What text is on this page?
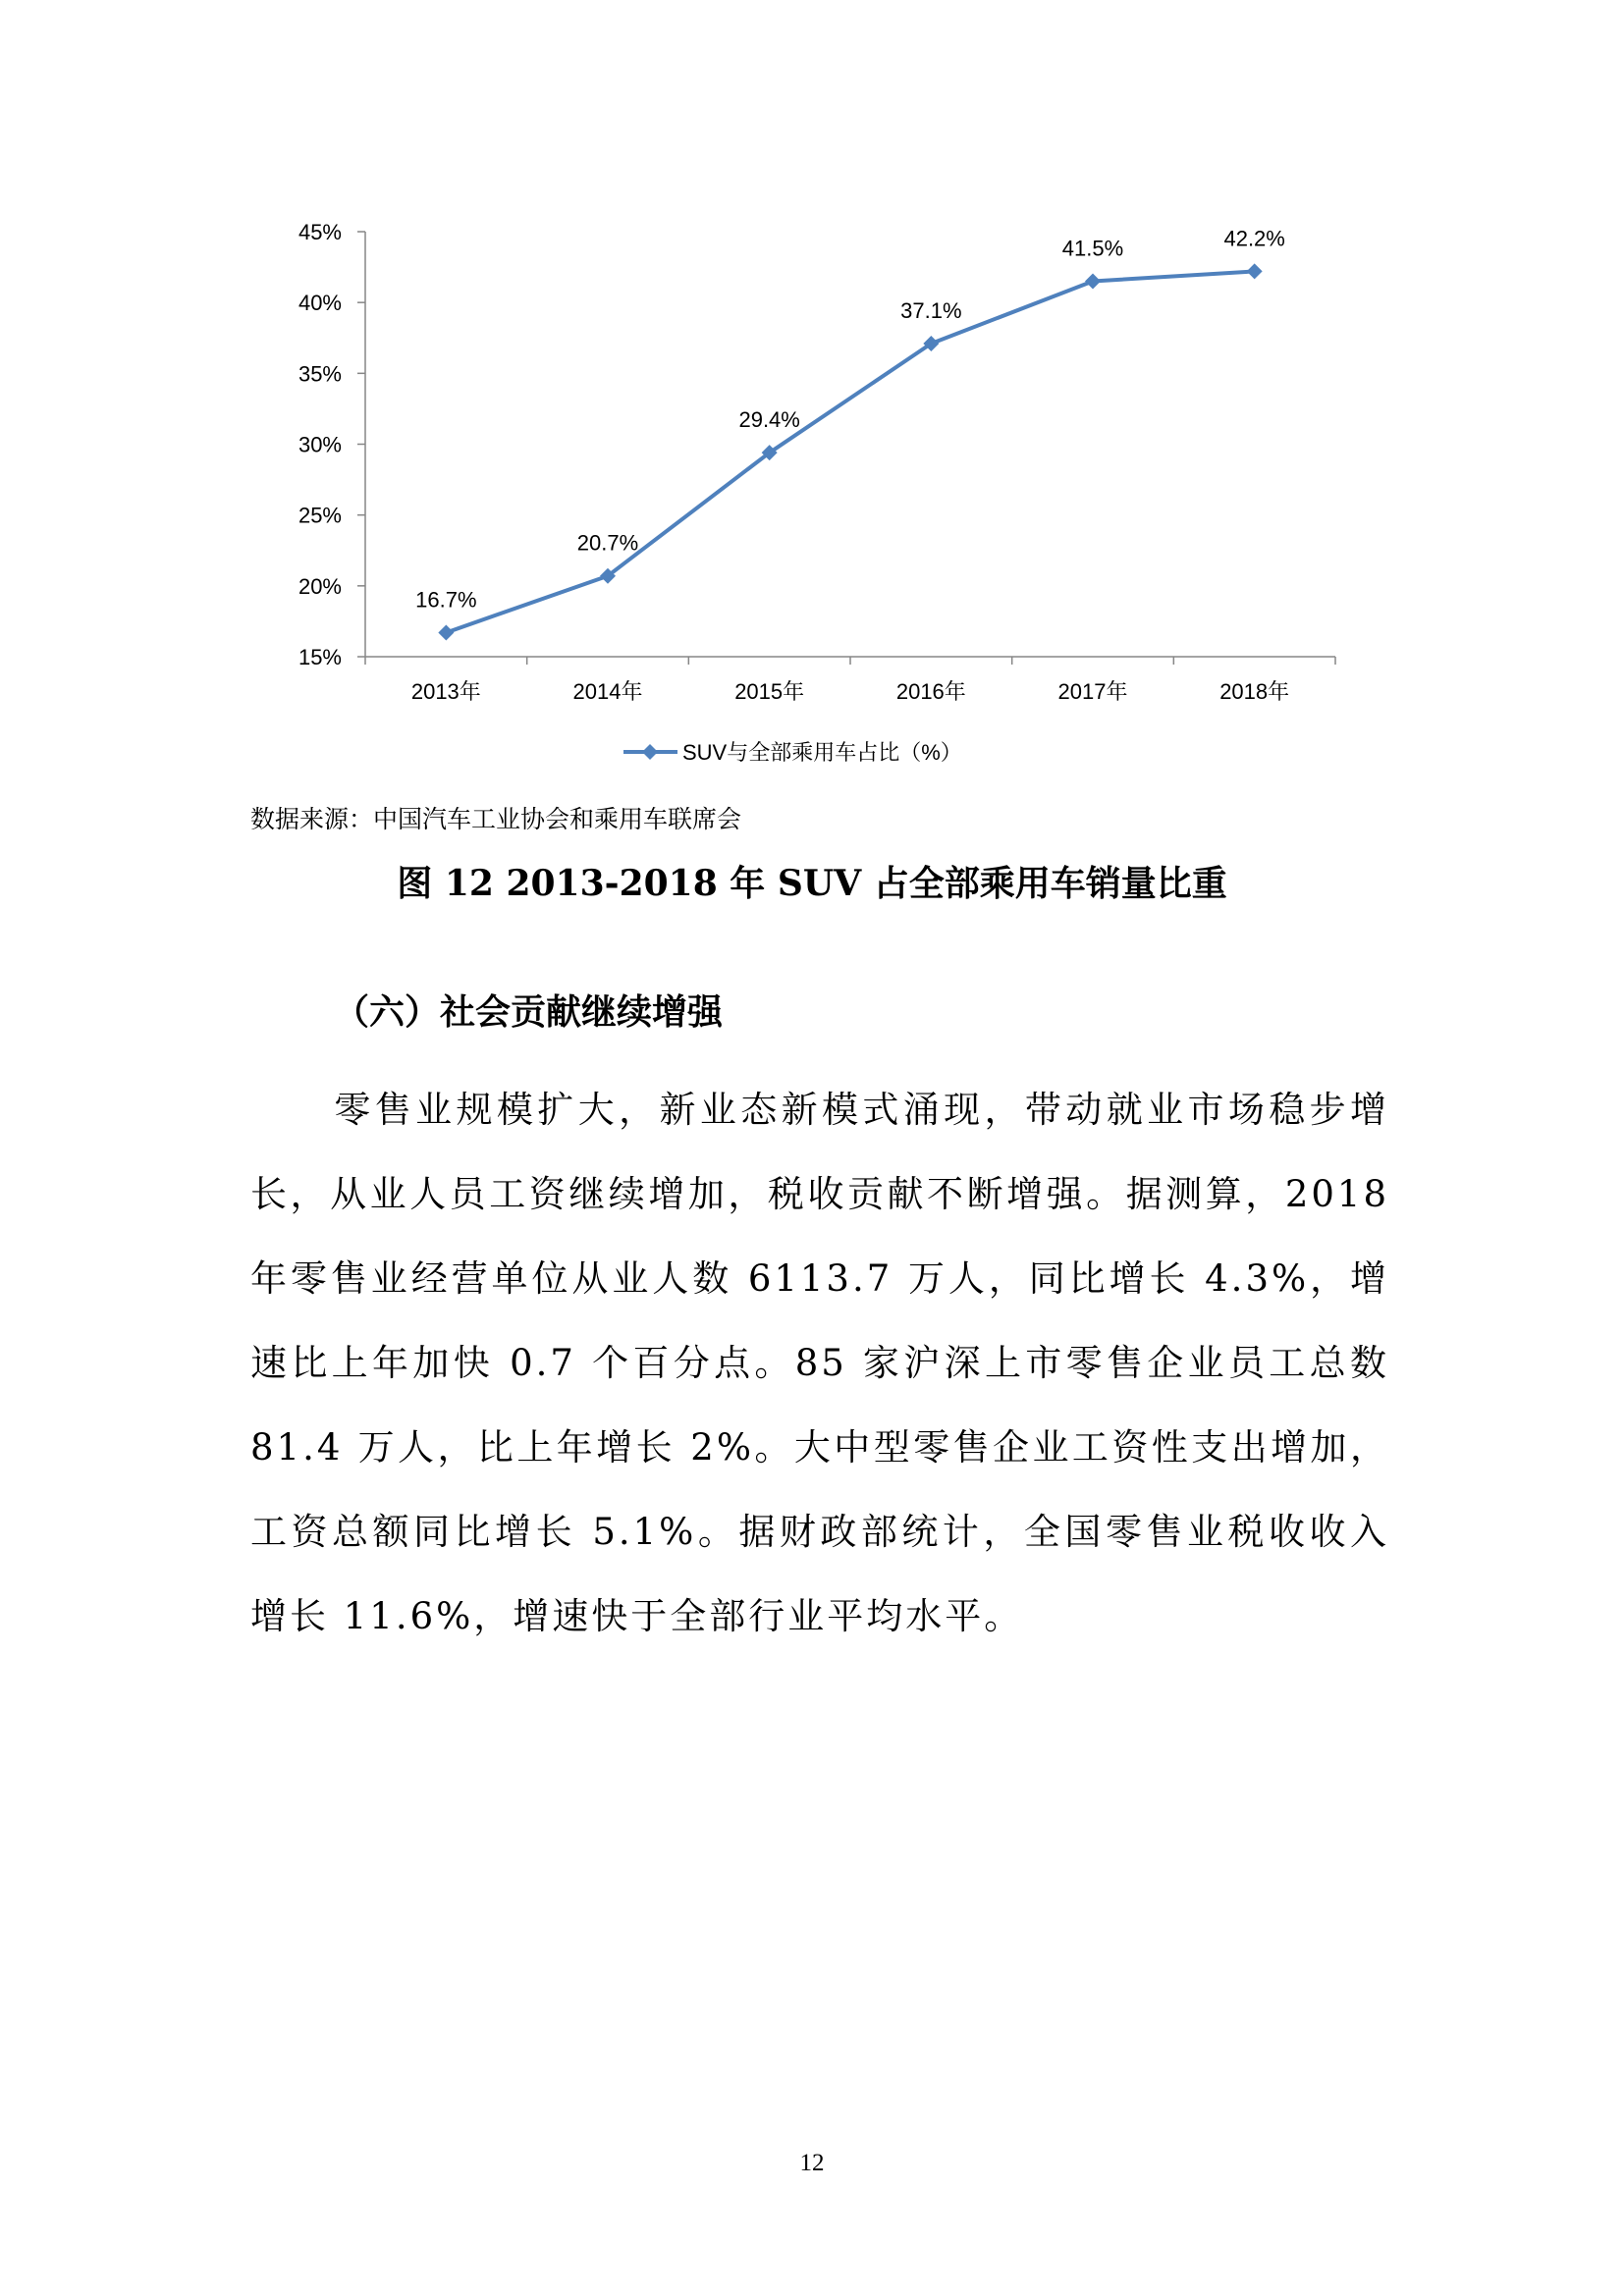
15%
20%
25%
30%
35%
40%
45%
2013年	2014年	2015年	2016年	2017年	2018年
16.7%
20.7%
29.4%
37.1%
41.5%	42.2%
SUV与全部乘用车占比（%）
数据来源：中国汽车工业协会和乘用车联席会
图 12 2013-2018 年 SUV 占全部乘用车销量比重
（六）社会贡献继续增强

零售业规模扩大，新业态新模式涌现，带动就业市场稳步增长，从业人员工资继续增加，税收贡献不断增强。据测算，2018年零售业经营单位从业人数 6113.7 万人，同比增长 4.3%，增速比上年加快 0.7 个百分点。85 家沪深上市零售企业员工总数 81.4 万人，比上年增长 2%。大中型零售企业工资性支出增加，工资总额同比增长 5.1%。据财政部统计，全国零售业税收收入增长 11.6%，增速快于全部行业平均水平。

12
